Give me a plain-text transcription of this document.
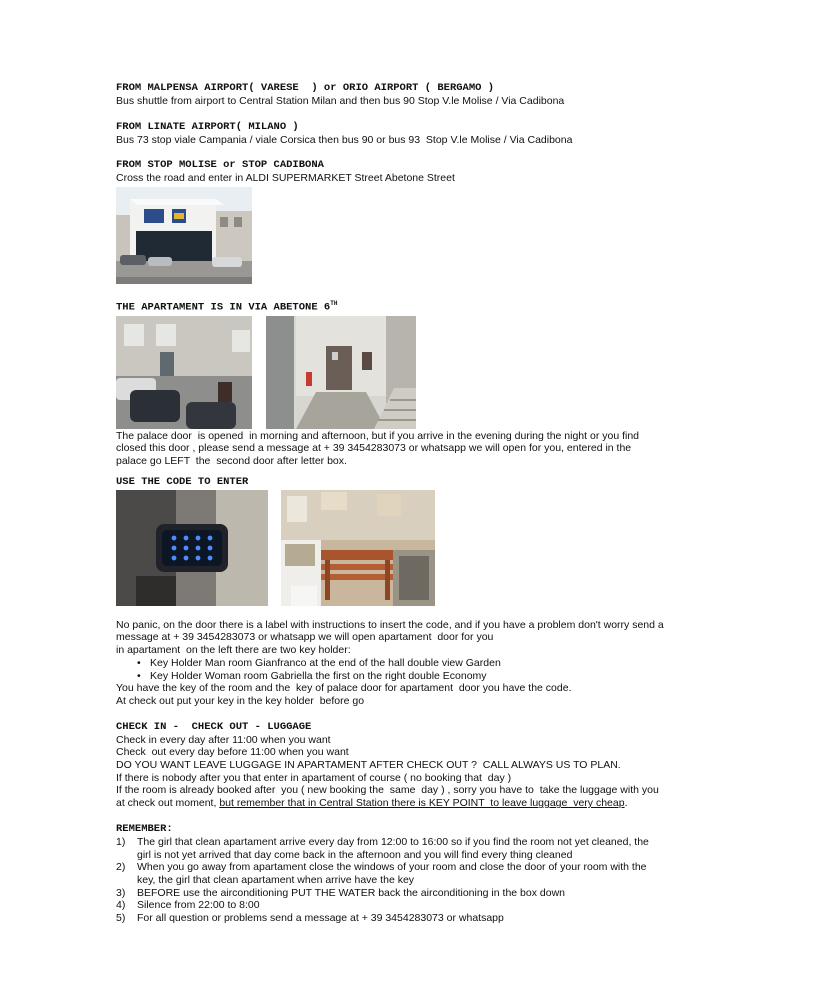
FROM MALPENSA AIRPORT( VARESE  ) or ORIO AIRPORT ( BERGAMO )

Bus shuttle from airport to Central Station Milan and then bus 90 Stop V.le Molise / Via Cadibona

FROM LINATE AIRPORT( MILANO )

Bus 73 stop viale Campania / viale Corsica then bus 90 or bus 93  Stop V.le Molise / Via Cadibona

FROM STOP MOLISE or STOP CADIBONA

Cross the road and enter in ALDI SUPERMARKET Street Abetone Street

THE APARTAMENT IS IN VIA ABETONE 6TH

The palace door  is opened  in morning and afternoon, but if you arrive in the evening during the night or you find closed this door , please send a message at + 39 3454283073 or whatsapp we will open for you, entered in the palace go LEFT  the  second door after letter box.

USE THE CODE TO ENTER

No panic, on the door there is a label with instructions to insert the code, and if you have a problem don't worry send a message at + 39 3454283073 or whatsapp we will open apartament  door for you

in apartament  on the left there are two key holder:

• Key Holder Man room Gianfranco at the end of the hall double view Garden
• Key Holder Woman room Gabriella the first on the right double Economy

You have the key of the room and the  key of palace door for apartament  door you have the code.

At check out put your key in the key holder  before go

CHECK IN -  CHECK OUT - LUGGAGE

Check in every day after 11:00 when you want

Check  out every day before 11:00 when you want

DO YOU WANT LEAVE LUGGAGE IN APARTAMENT AFTER CHECK OUT ?  CALL ALWAYS US TO PLAN.

If there is nobody after you that enter in apartament of course ( no booking that  day )

If the room is already booked after  you ( new booking the  same  day ) , sorry you have to  take the luggage with you at check out moment, but remember that in Central Station there is KEY POINT  to leave luggage  very cheap.

REMEMBER:

1)	The girl that clean apartament arrive every day from 12:00 to 16:00 so if you find the room not yet cleaned, the girl is not yet arrived that day come back in the afternoon and you will find every thing cleaned
2)	When you go away from apartament close the windows of your room and close the door of your room with the key, the girl that clean apartament when arrive have the key
3)	BEFORE use the airconditioning PUT THE WATER back the airconditioning in the box down
4)	Silence from 22:00 to 8:00
5)	For all question or problems send a message at + 39 3454283073 or whatsapp
